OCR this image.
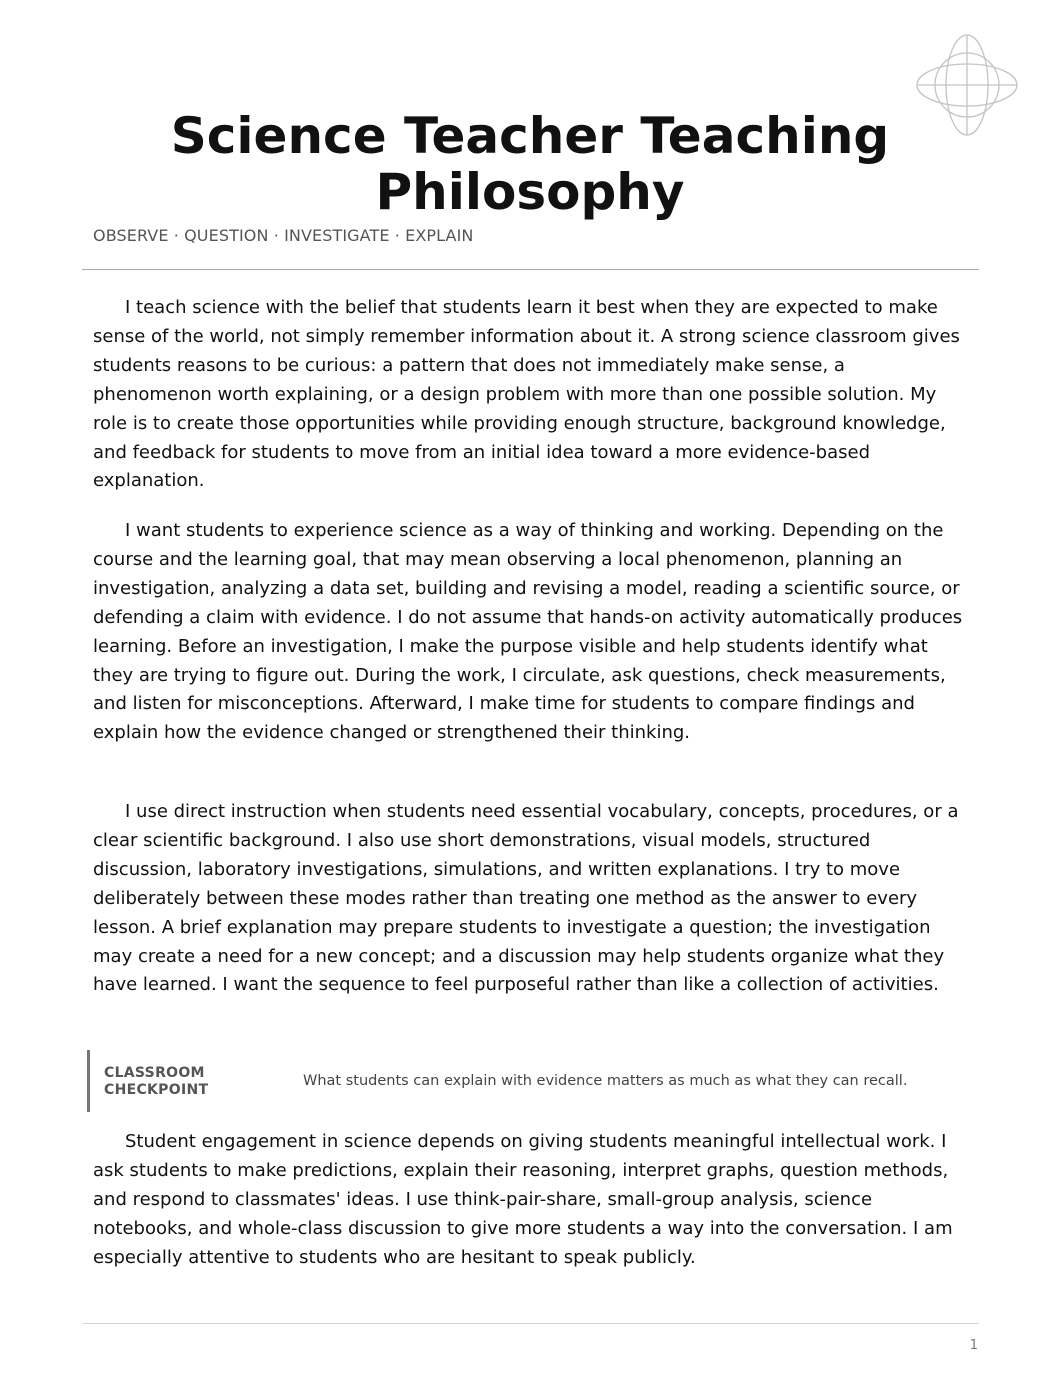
Science Teacher Teaching Philosophy

OBSERVE · QUESTION · INVESTIGATE · EXPLAIN

I teach science with the belief that students learn it best when they are expected to make sense of the world, not simply remember information about it. A strong science classroom gives students reasons to be curious: a pattern that does not immediately make sense, a phenomenon worth explaining, or a design problem with more than one possible solution. My role is to create those opportunities while providing enough structure, background knowledge, and feedback for students to move from an initial idea toward a more evidence-based explanation.

I want students to experience science as a way of thinking and working. Depending on the course and the learning goal, that may mean observing a local phenomenon, planning an investigation, analyzing a data set, building and revising a model, reading a scientific source, or defending a claim with evidence. I do not assume that hands-on activity automatically produces learning. Before an investigation, I make the purpose visible and help students identify what they are trying to figure out. During the work, I circulate, ask questions, check measurements, and listen for misconceptions. Afterward, I make time for students to compare findings and explain how the evidence changed or strengthened their thinking.

I use direct instruction when students need essential vocabulary, concepts, procedures, or a clear scientific background. I also use short demonstrations, visual models, structured discussion, laboratory investigations, simulations, and written explanations. I try to move deliberately between these modes rather than treating one method as the answer to every lesson. A brief explanation may prepare students to investigate a question; the investigation may create a need for a new concept; and a discussion may help students organize what they have learned. I want the sequence to feel purposeful rather than like a collection of activities.

CLASSROOM
CHECKPOINT
What students can explain with evidence matters as much as what they can recall.

Student engagement in science depends on giving students meaningful intellectual work. I ask students to make predictions, explain their reasoning, interpret graphs, question methods, and respond to classmates' ideas. I use think-pair-share, small-group analysis, science notebooks, and whole-class discussion to give more students a way into the conversation. I am especially attentive to students who are hesitant to speak publicly.

1
